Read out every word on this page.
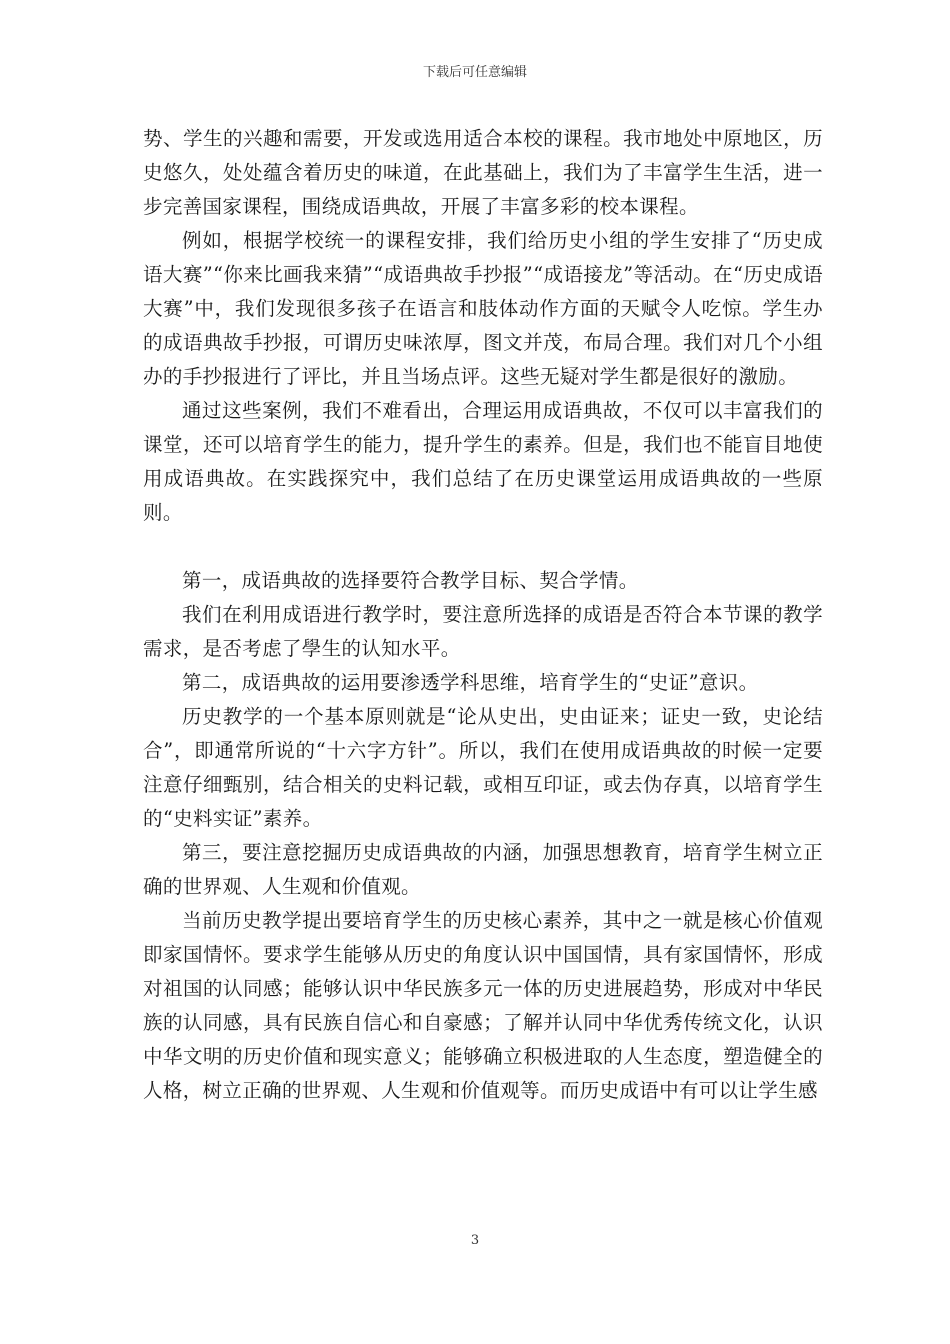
下载后可任意编辑

势、学生的兴趣和需要，开发或选用适合本校的课程。我市地处中原地区，历史悠久，处处蕴含着历史的味道，在此基础上，我们为了丰富学生生活，进一步完善国家课程，围绕成语典故，开展了丰富多彩的校本课程。

例如，根据学校统一的课程安排，我们给历史小组的学生安排了“历史成语大赛”“你来比画我来猜”“成语典故手抄报”“成语接龙”等活动。在“历史成语大赛”中，我们发现很多孩子在语言和肢体动作方面的天赋令人吃惊。学生办的成语典故手抄报，可谓历史味浓厚，图文并茂，布局合理。我们对几个小组办的手抄报进行了评比，并且当场点评。这些无疑对学生都是很好的激励。

通过这些案例，我们不难看出，合理运用成语典故，不仅可以丰富我们的课堂，还可以培育学生的能力，提升学生的素养。但是，我们也不能盲目地使用成语典故。在实践探究中，我们总结了在历史课堂运用成语典故的一些原则。

第一，成语典故的选择要符合教学目标、契合学情。

我们在利用成语进行教学时，要注意所选择的成语是否符合本节课的教学需求，是否考虑了學生的认知水平。

第二，成语典故的运用要渗透学科思维，培育学生的“史证”意识。

历史教学的一个基本原则就是“论从史出，史由证来；证史一致，史论结合”，即通常所说的“十六字方针”。所以，我们在使用成语典故的时候一定要注意仔细甄别，结合相关的史料记载，或相互印证，或去伪存真，以培育学生的“史料实证”素养。

第三，要注意挖掘历史成语典故的内涵，加强思想教育，培育学生树立正确的世界观、人生观和价值观。

当前历史教学提出要培育学生的历史核心素养，其中之一就是核心价值观即家国情怀。要求学生能够从历史的角度认识中国国情，具有家国情怀，形成对祖国的认同感；能够认识中华民族多元一体的历史进展趋势，形成对中华民族的认同感，具有民族自信心和自豪感；了解并认同中华优秀传统文化，认识中华文明的历史价值和现实意义；能够确立积极进取的人生态度，塑造健全的人格，树立正确的世界观、人生观和价值观等。而历史成语中有可以让学生感

3
